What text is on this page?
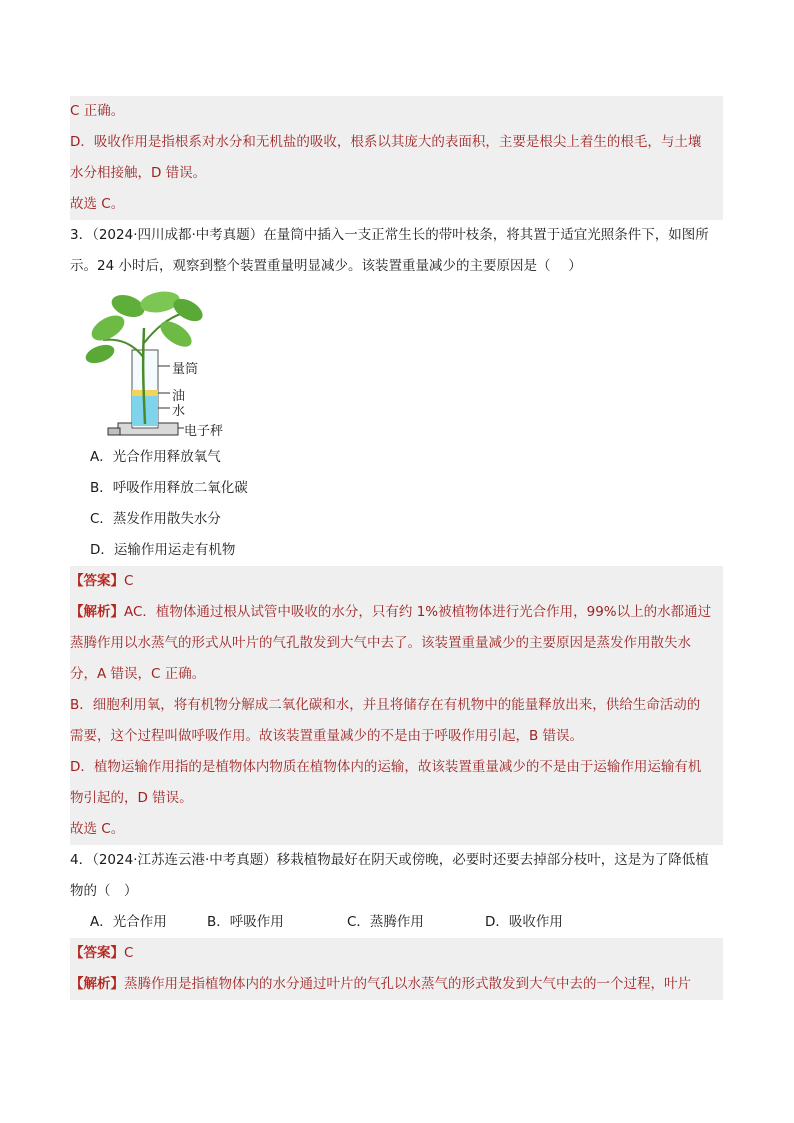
C 正确。
D．吸收作用是指根系对水分和无机盐的吸收，根系以其庞大的表面积，主要是根尖上着生的根毛，与土壤
水分相接触，D 错误。
故选 C。
3．（2024·四川成都·中考真题）在量筒中插入一支正常生长的带叶枝条，将其置于适宜光照条件下，如图所
示。24 小时后，观察到整个装置重量明显减少。该装置重量减少的主要原因是（　 ）
量筒
油
水
电子秤
A．光合作用释放氧气
B．呼吸作用释放二氧化碳
C．蒸发作用散失水分
D．运输作用运走有机物
【答案】C
【解析】AC．植物体通过根从试管中吸收的水分，只有约 1%被植物体进行光合作用，99%以上的水都通过
蒸腾作用以水蒸气的形式从叶片的气孔散发到大气中去了。该装置重量减少的主要原因是蒸发作用散失水
分，A 错误，C 正确。
B．细胞利用氧，将有机物分解成二氧化碳和水，并且将储存在有机物中的能量释放出来，供给生命活动的
需要，这个过程叫做呼吸作用。故该装置重量减少的不是由于呼吸作用引起，B 错误。
D．植物运输作用指的是植物体内物质在植物体内的运输，故该装置重量减少的不是由于运输作用运输有机
物引起的，D 错误。
故选 C。
4．（2024·江苏连云港·中考真题）移栽植物最好在阴天或傍晚，必要时还要去掉部分枝叶，这是为了降低植
物的（　）
A．光合作用	B．呼吸作用	C．蒸腾作用	D．吸收作用
【答案】C
【解析】蒸腾作用是指植物体内的水分通过叶片的气孔以水蒸气的形式散发到大气中去的一个过程，叶片
